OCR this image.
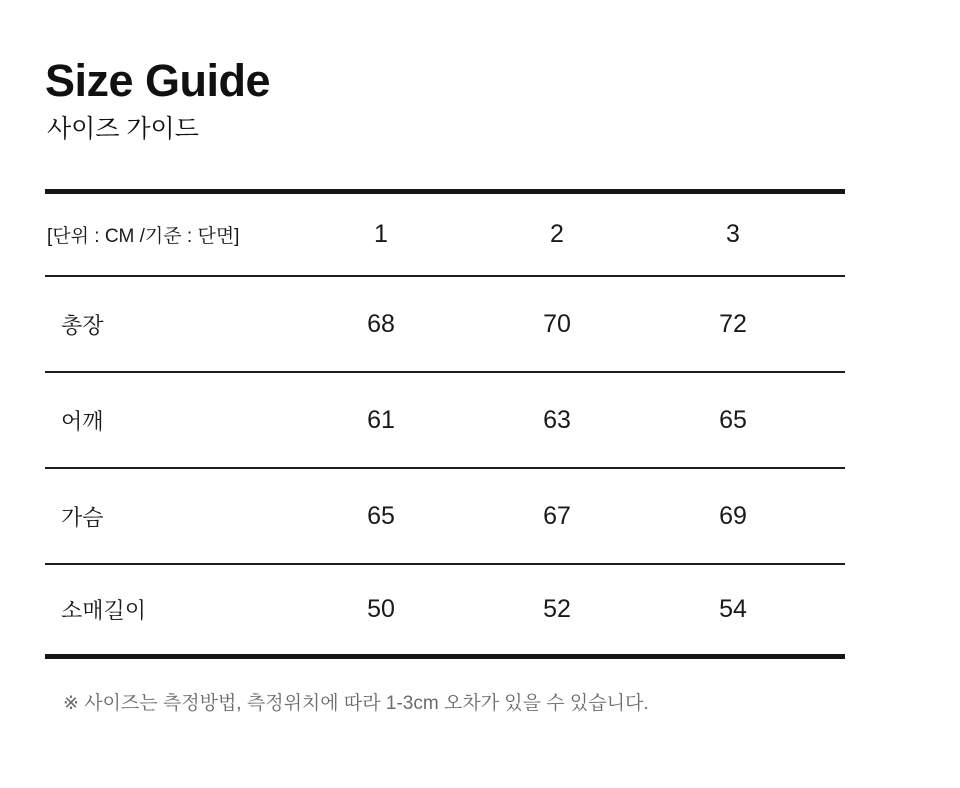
Size Guide
사이즈 가이드
[단위 : CM /기준 : 단면]	1	2	3
총장	68	70	72
어깨	61	63	65
가슴	65	67	69
소매길이	50	52	54
※ 사이즈는 측정방법, 측정위치에 따라 1-3cm 오차가 있을 수 있습니다.
